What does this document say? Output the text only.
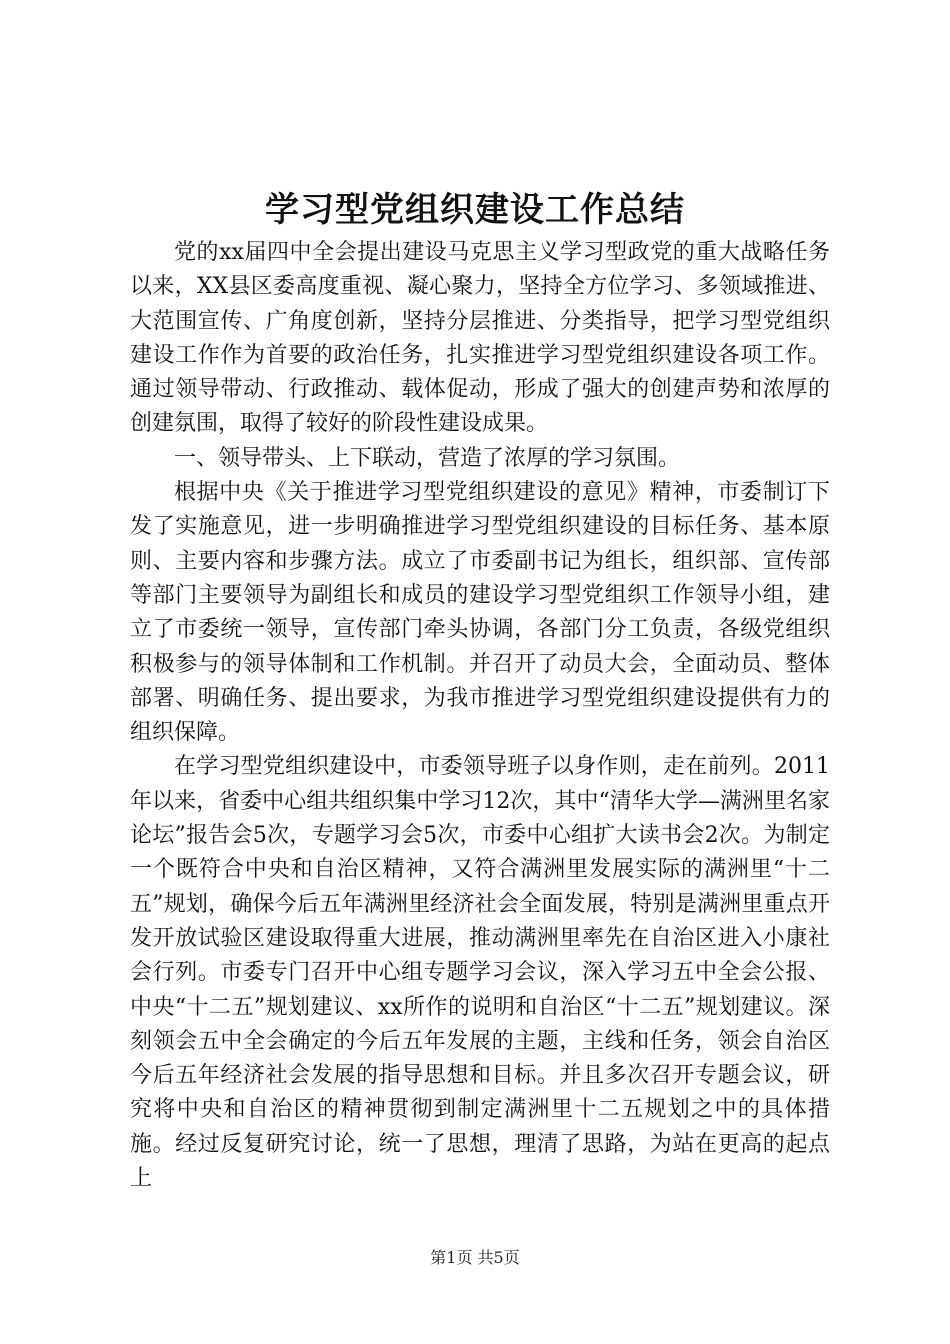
学习型党组织建设工作总结

党的xx届四中全会提出建设马克思主义学习型政党的重大战略任务以来，XX县区委高度重视、凝心聚力，坚持全方位学习、多领域推进、大范围宣传、广角度创新，坚持分层推进、分类指导，把学习型党组织建设工作作为首要的政治任务，扎实推进学习型党组织建设各项工作。通过领导带动、行政推动、载体促动，形成了强大的创建声势和浓厚的创建氛围，取得了较好的阶段性建设成果。

一、领导带头、上下联动，营造了浓厚的学习氛围。

根据中央《关于推进学习型党组织建设的意见》精神，市委制订下发了实施意见，进一步明确推进学习型党组织建设的目标任务、基本原则、主要内容和步骤方法。成立了市委副书记为组长，组织部、宣传部等部门主要领导为副组长和成员的建设学习型党组织工作领导小组，建立了市委统一领导，宣传部门牵头协调，各部门分工负责，各级党组织积极参与的领导体制和工作机制。并召开了动员大会，全面动员、整体部署、明确任务、提出要求，为我市推进学习型党组织建设提供有力的组织保障。

在学习型党组织建设中，市委领导班子以身作则，走在前列。2011年以来，省委中心组共组织集中学习12次，其中“清华大学—满洲里名家论坛”报告会5次，专题学习会5次，市委中心组扩大读书会2次。为制定一个既符合中央和自治区精神，又符合满洲里发展实际的满洲里“十二五”规划，确保今后五年满洲里经济社会全面发展，特别是满洲里重点开发开放试验区建设取得重大进展，推动满洲里率先在自治区进入小康社会行列。市委专门召开中心组专题学习会议，深入学习五中全会公报、中央“十二五”规划建议、xx所作的说明和自治区“十二五”规划建议。深刻领会五中全会确定的今后五年发展的主题，主线和任务，领会自治区今后五年经济社会发展的指导思想和目标。并且多次召开专题会议，研究将中央和自治区的精神贯彻到制定满洲里十二五规划之中的具体措施。经过反复研究讨论，统一了思想，理清了思路，为站在更高的起点上

第1页 共5页
